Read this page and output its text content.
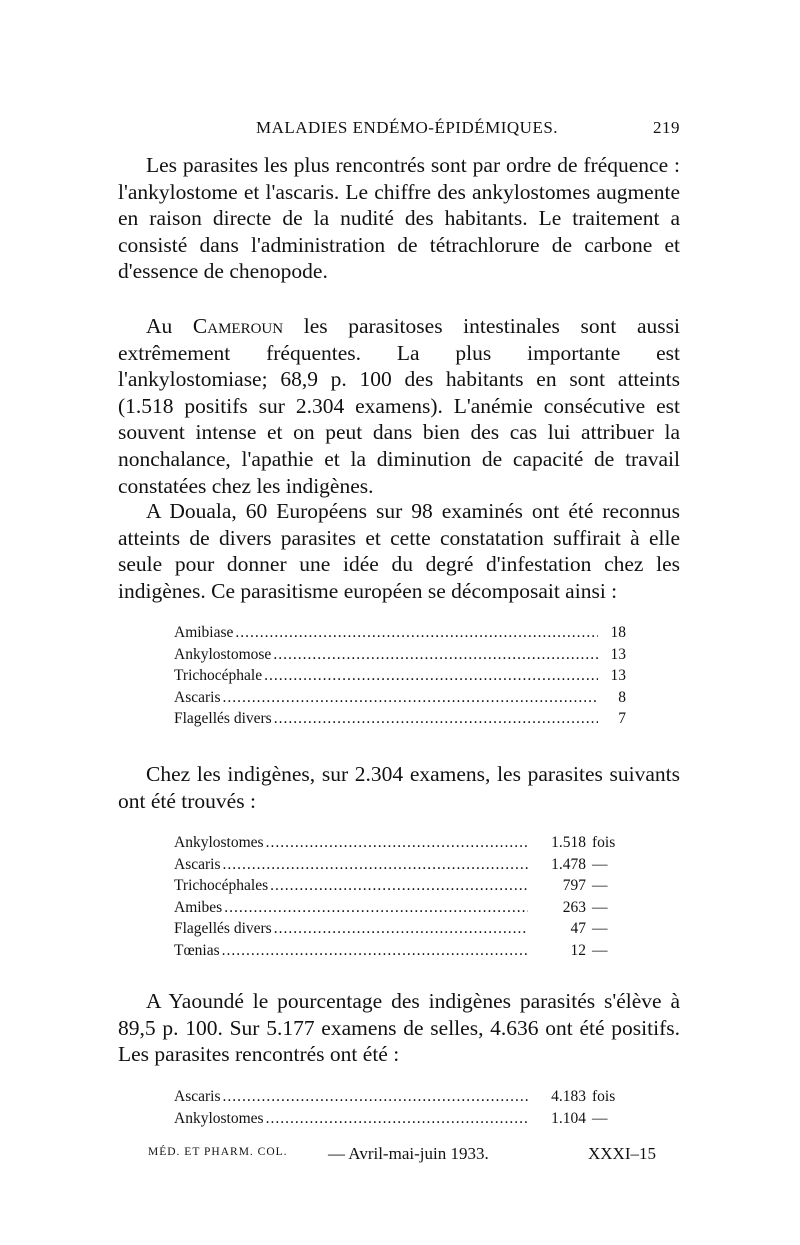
MALADIES ENDÉMO-ÉPIDÉMIQUES.	219

Les parasites les plus rencontrés sont par ordre de fréquence : l'ankylostome et l'ascaris. Le chiffre des ankylostomes augmente en raison directe de la nudité des habitants. Le traitement a consisté dans l'administration de tétrachlorure de carbone et d'essence de chenopode.

Au Cameroun les parasitoses intestinales sont aussi extrêmement fréquentes. La plus importante est l'ankylostomiase; 68,9 p. 100 des habitants en sont atteints (1.518 positifs sur 2.304 examens). L'anémie consécutive est souvent intense et on peut dans bien des cas lui attribuer la nonchalance, l'apathie et la diminution de capacité de travail constatées chez les indigènes.

A Douala, 60 Européens sur 98 examinés ont été reconnus atteints de divers parasites et cette constatation suffirait à elle seule pour donner une idée du degré d'infestation chez les indigènes. Ce parasitisme européen se décomposait ainsi :

Amibiase .....	18
Ankylostomose .....	13
Trichocéphale .....	13
Ascaris .....	8
Flagellés divers .....	7

Chez les indigènes, sur 2.304 examens, les parasites suivants ont été trouvés :

Ankylostomes .....	1.518 fois
Ascaris .....	1.478 —
Trichocéphales .....	797 —
Amibes .....	263 —
Flagellés divers .....	47 —
Tœnias .....	12 —

A Yaoundé le pourcentage des indigènes parasités s'élève à 89,5 p. 100. Sur 5.177 examens de selles, 4.636 ont été positifs. Les parasites rencontrés ont été :

Ascaris .....	4.183 fois
Ankylostomes .....	1.104 —
MÉD. ET PHARM. COL. — Avril-mai-juin 1933.	XXXI–15
